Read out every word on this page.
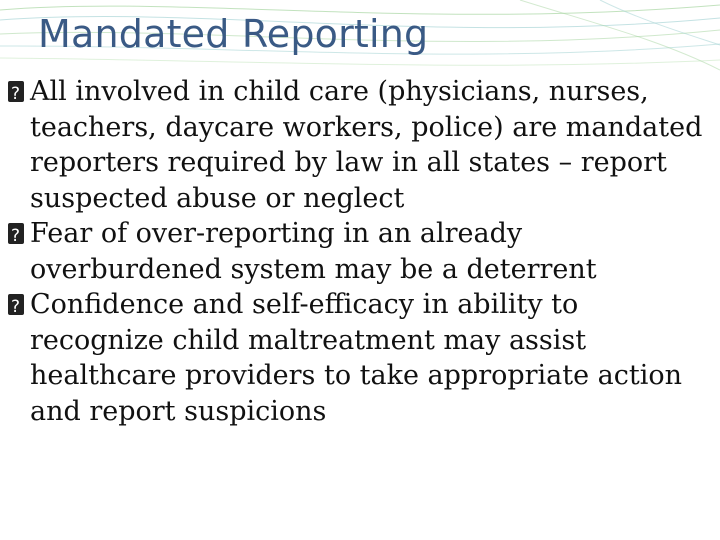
Mandated Reporting
?
All involved in child care (physicians, nurses, teachers, daycare workers, police) are mandated reporters required by law in all states – report suspected abuse or neglect
?
Fear of over-reporting in an already overburdened system may be a deterrent
?
Confidence and self-efficacy in ability to recognize child maltreatment may assist healthcare providers to take appropriate action and report suspicions
